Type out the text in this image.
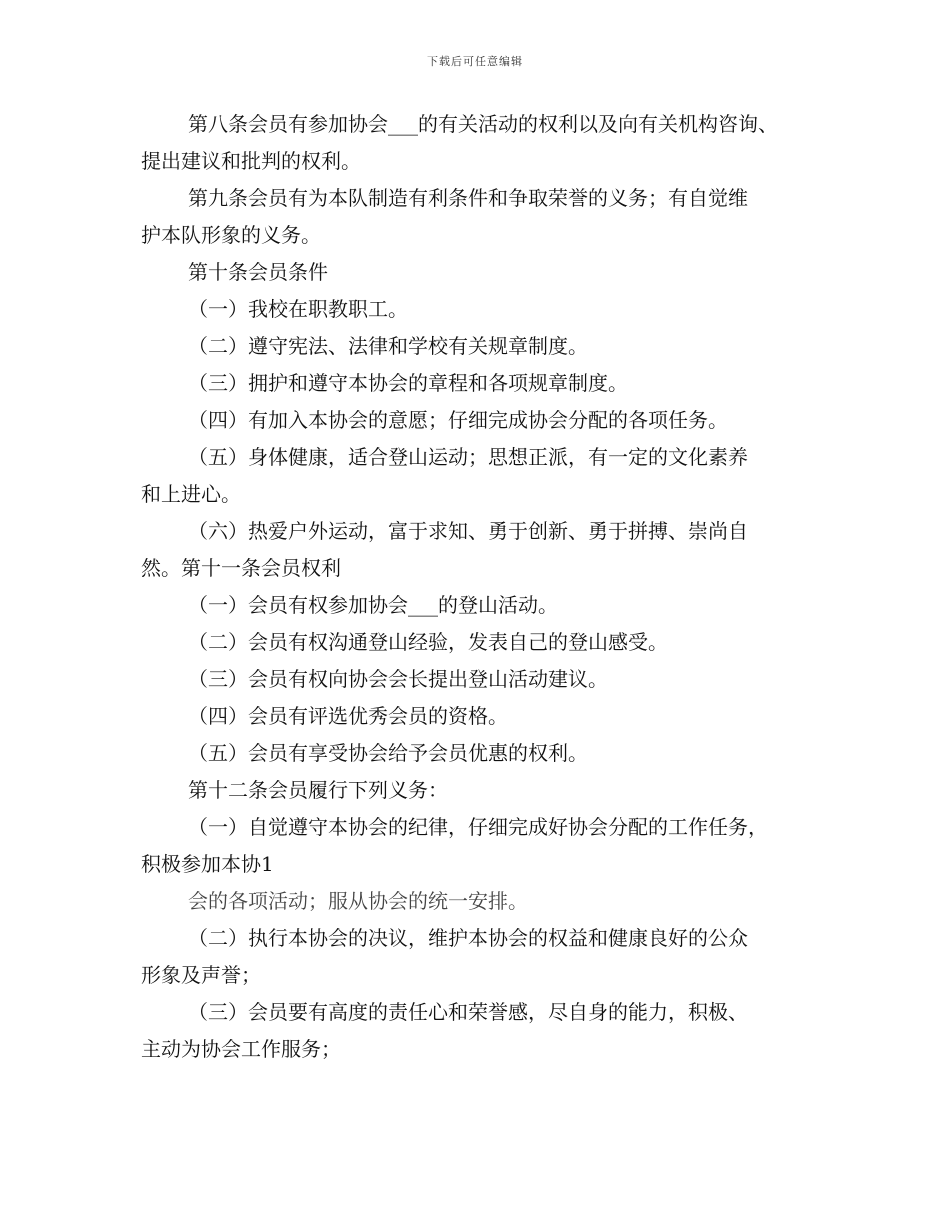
下载后可任意编辑

第八条会员有参加协会___的有关活动的权利以及向有关机构咨询、

提出建议和批判的权利。

第九条会员有为本队制造有利条件和争取荣誉的义务；有自觉维

护本队形象的义务。

第十条会员条件

（一）我校在职教职工。

（二）遵守宪法、法律和学校有关规章制度。

（三）拥护和遵守本协会的章程和各项规章制度。

（四）有加入本协会的意愿；仔细完成协会分配的各项任务。

（五）身体健康，适合登山运动；思想正派，有一定的文化素养

和上进心。

（六）热爱户外运动，富于求知、勇于创新、勇于拼搏、崇尚自

然。第十一条会员权利

（一）会员有权参加协会___的登山活动。

（二）会员有权沟通登山经验，发表自己的登山感受。

（三）会员有权向协会会长提出登山活动建议。

（四）会员有评选优秀会员的资格。

（五）会员有享受协会给予会员优惠的权利。

第十二条会员履行下列义务：

（一）自觉遵守本协会的纪律，仔细完成好协会分配的工作任务，

积极参加本协1

会的各项活动；服从协会的统一安排。

（二）执行本协会的决议，维护本协会的权益和健康良好的公众

形象及声誉；

（三）会员要有高度的责任心和荣誉感，尽自身的能力，积极、

主动为协会工作服务；
